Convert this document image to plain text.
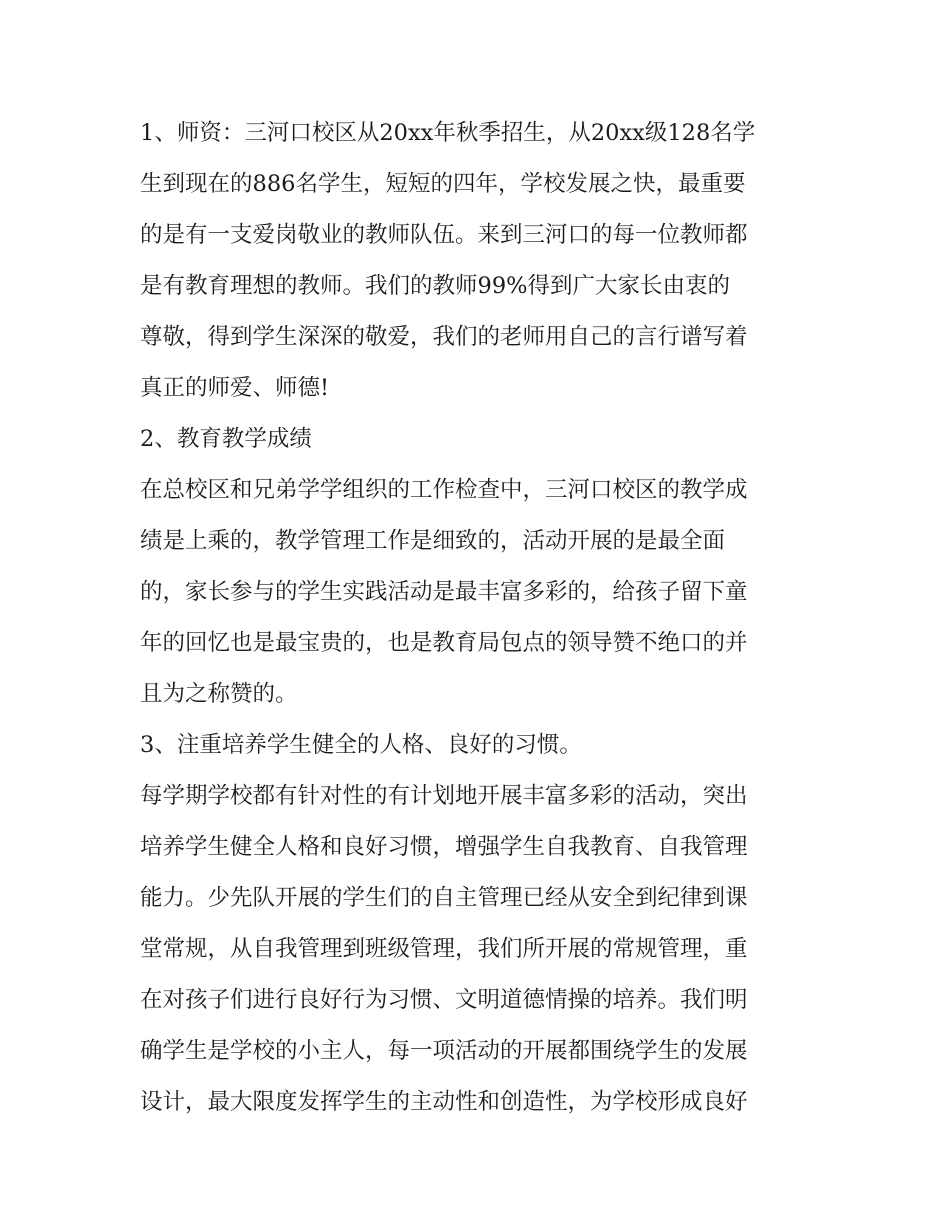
1、师资：三河口校区从20xx年秋季招生，从20xx级128名学
生到现在的886名学生，短短的四年，学校发展之快，最重要
的是有一支爱岗敬业的教师队伍。来到三河口的每一位教师都
是有教育理想的教师。我们的教师99%得到广大家长由衷的
尊敬，得到学生深深的敬爱，我们的老师用自己的言行谱写着
真正的师爱、师德!
2、教育教学成绩
在总校区和兄弟学学组织的工作检查中，三河口校区的教学成
绩是上乘的，教学管理工作是细致的，活动开展的是最全面
的，家长参与的学生实践活动是最丰富多彩的，给孩子留下童
年的回忆也是最宝贵的，也是教育局包点的领导赞不绝口的并
且为之称赞的。
3、注重培养学生健全的人格、良好的习惯。
每学期学校都有针对性的有计划地开展丰富多彩的活动，突出
培养学生健全人格和良好习惯，增强学生自我教育、自我管理
能力。少先队开展的学生们的自主管理已经从安全到纪律到课
堂常规，从自我管理到班级管理，我们所开展的常规管理，重
在对孩子们进行良好行为习惯、文明道德情操的培养。我们明
确学生是学校的小主人，每一项活动的开展都围绕学生的发展
设计，最大限度发挥学生的主动性和创造性，为学校形成良好
